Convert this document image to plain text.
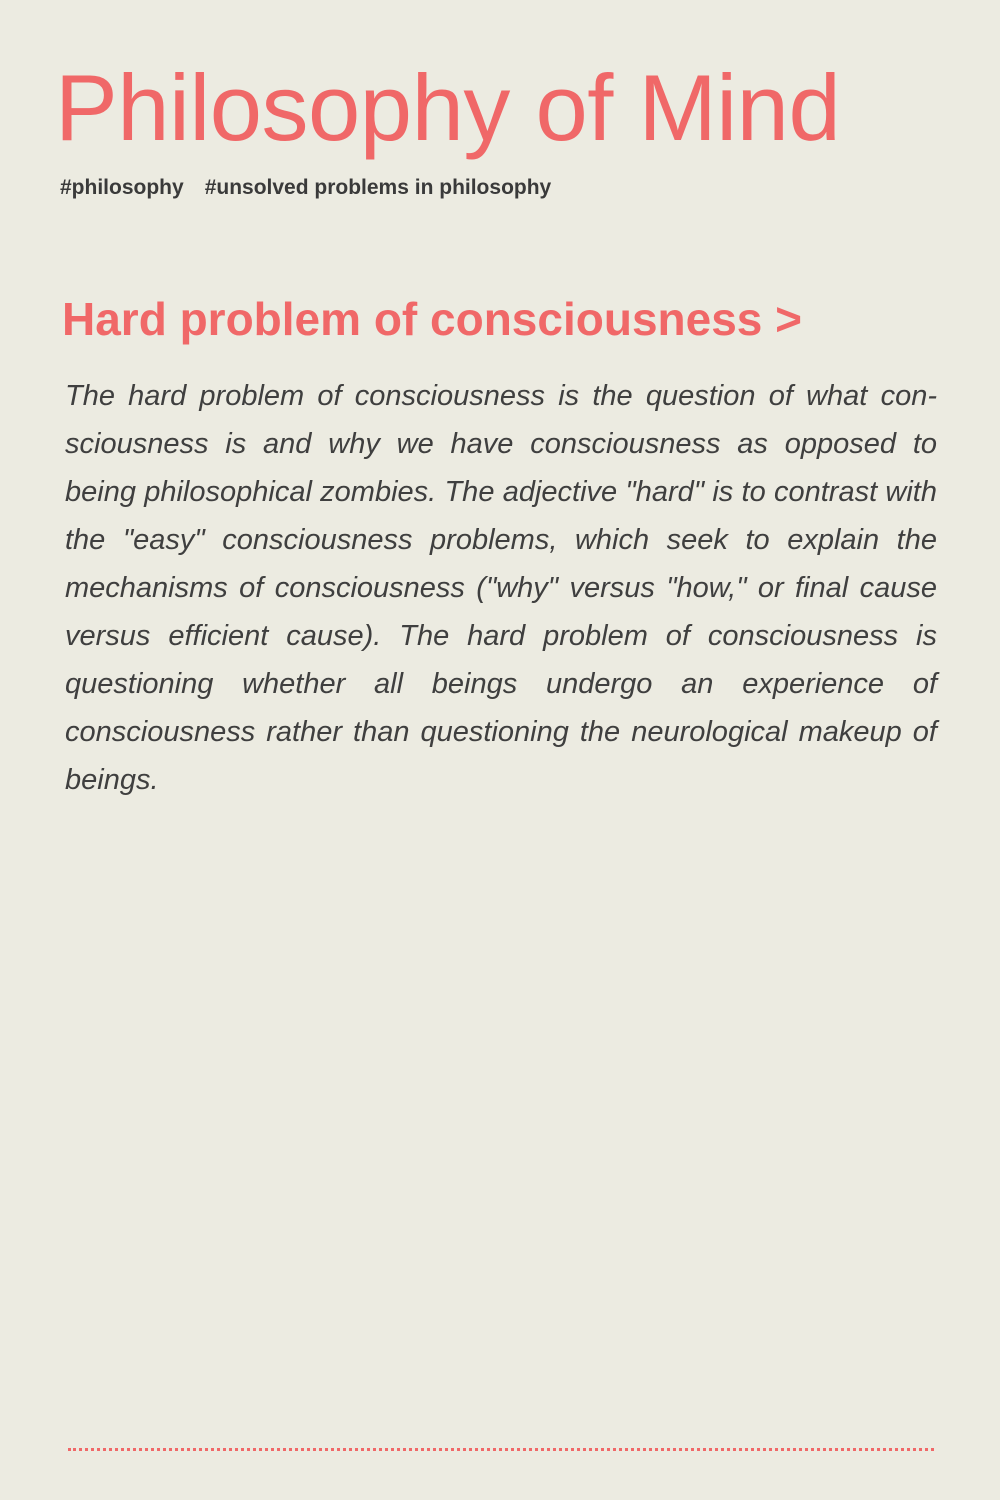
Philosophy of Mind
#philosophy #unsolved problems in philosophy
Hard problem of consciousness >

The hard problem of consciousness is the question of what consciousness is and why we have consciousness as opposed to being philosophical zombies. The adjective "hard" is to contrast with the "easy" consciousness problems, which seek to explain the mechanisms of consciousness ("why" versus "how," or final cause versus efficient cause). The hard problem of consciousness is questioning whether all beings undergo an experience of consciousness rather than questioning the neurological makeup of beings.
